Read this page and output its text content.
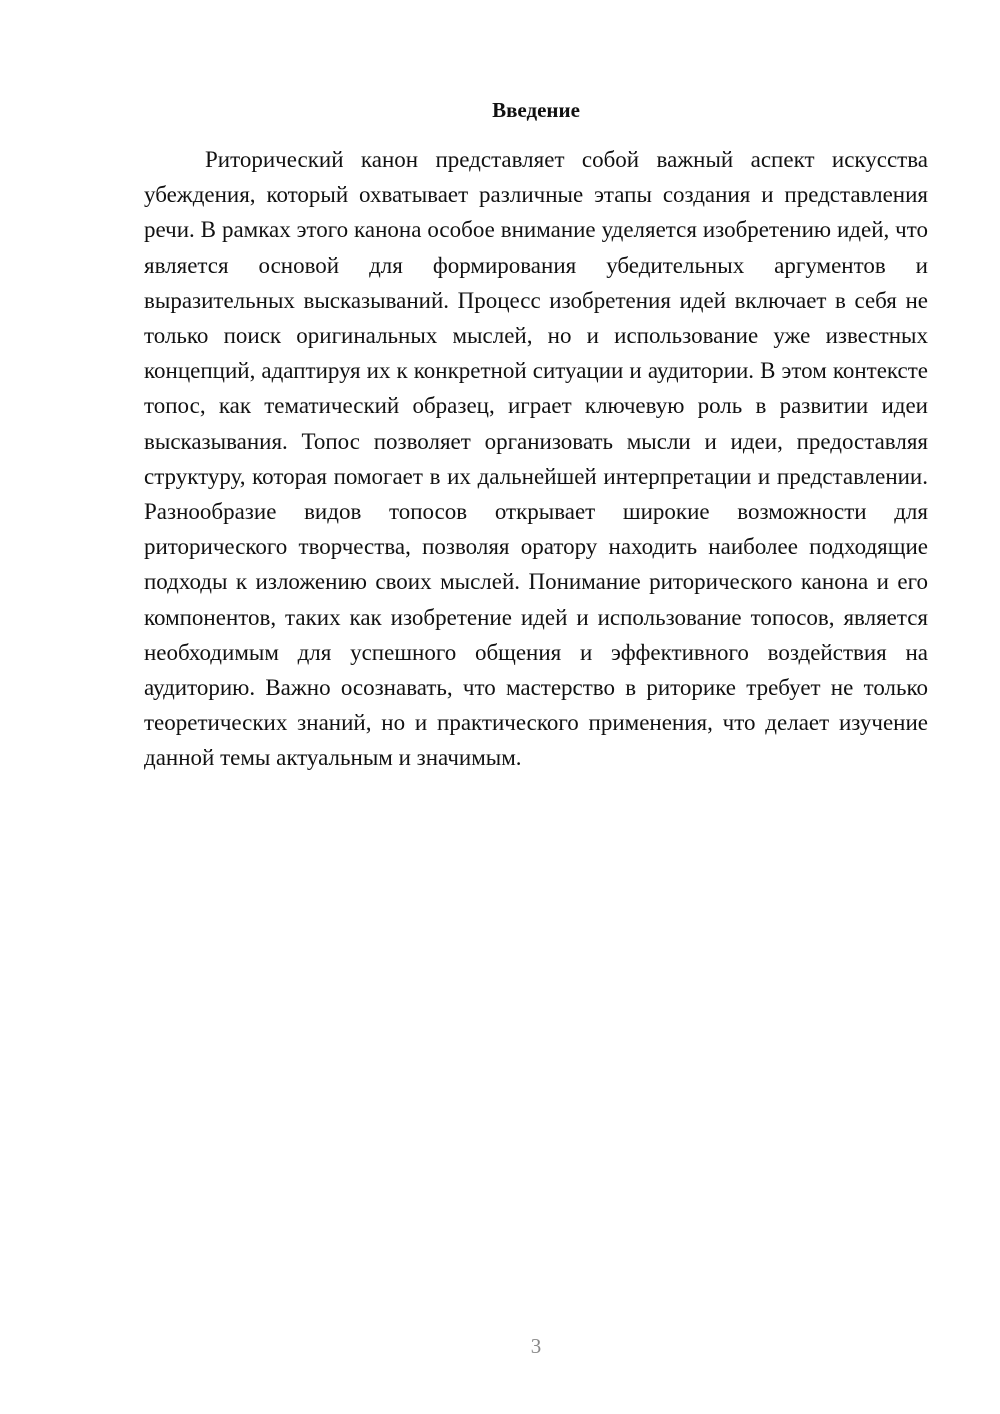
Введение

Риторический канон представляет собой важный аспект искусства убеждения, который охватывает различные этапы создания и представления речи. В рамках этого канона особое внимание уделяется изобретению идей, что является основой для формирования убедительных аргументов и выразительных высказываний. Процесс изобретения идей включает в себя не только поиск оригинальных мыслей, но и использование уже известных концепций, адаптируя их к конкретной ситуации и аудитории. В этом контексте топос, как тематический образец, играет ключевую роль в развитии идеи высказывания. Топос позволяет организовать мысли и идеи, предоставляя структуру, которая помогает в их дальнейшей интерпретации и представлении. Разнообразие видов топосов открывает широкие возможности для риторического творчества, позволяя оратору находить наиболее подходящие подходы к изложению своих мыслей. Понимание риторического канона и его компонентов, таких как изобретение идей и использование топосов, является необходимым для успешного общения и эффективного воздействия на аудиторию. Важно осознавать, что мастерство в риторике требует не только теоретических знаний, но и практического применения, что делает изучение данной темы актуальным и значимым.

3
